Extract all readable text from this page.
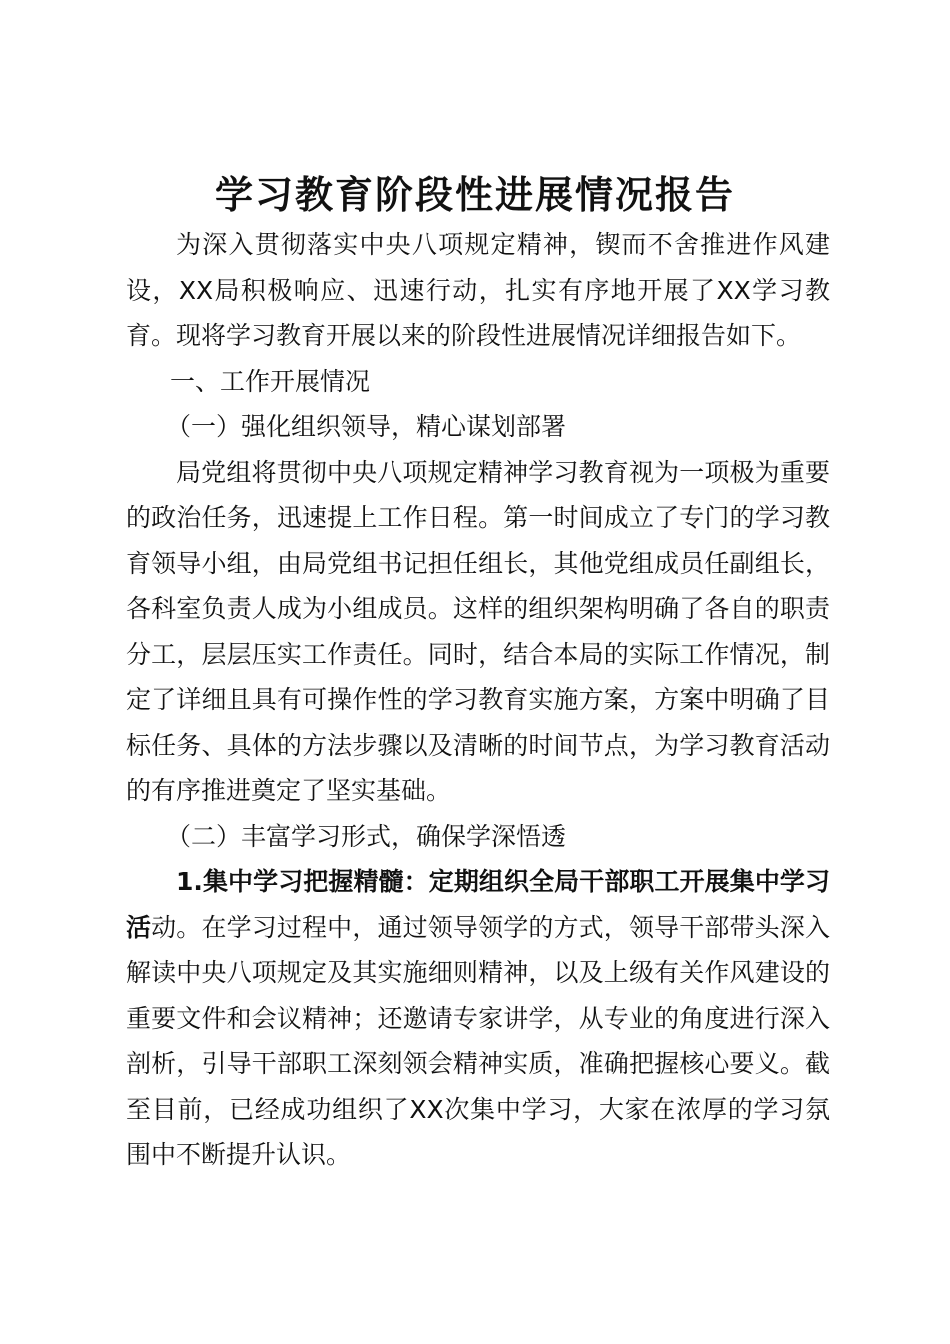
学习教育阶段性进展情况报告

为深入贯彻落实中央八项规定精神，锲而不舍推进作风建设，XX局积极响应、迅速行动，扎实有序地开展了XX学习教育。现将学习教育开展以来的阶段性进展情况详细报告如下。

一、工作开展情况

（一）强化组织领导，精心谋划部署

局党组将贯彻中央八项规定精神学习教育视为一项极为重要的政治任务，迅速提上工作日程。第一时间成立了专门的学习教育领导小组，由局党组书记担任组长，其他党组成员任副组长，各科室负责人成为小组成员。这样的组织架构明确了各自的职责分工，层层压实工作责任。同时，结合本局的实际工作情况，制定了详细且具有可操作性的学习教育实施方案，方案中明确了目标任务、具体的方法步骤以及清晰的时间节点，为学习教育活动的有序推进奠定了坚实基础。

（二）丰富学习形式，确保学深悟透

1.集中学习把握精髓：定期组织全局干部职工开展集中学习活动。在学习过程中，通过领导领学的方式，领导干部带头深入解读中央八项规定及其实施细则精神，以及上级有关作风建设的重要文件和会议精神；还邀请专家讲学，从专业的角度进行深入剖析，引导干部职工深刻领会精神实质，准确把握核心要义。截至目前，已经成功组织了XX次集中学习，大家在浓厚的学习氛围中不断提升认识。
